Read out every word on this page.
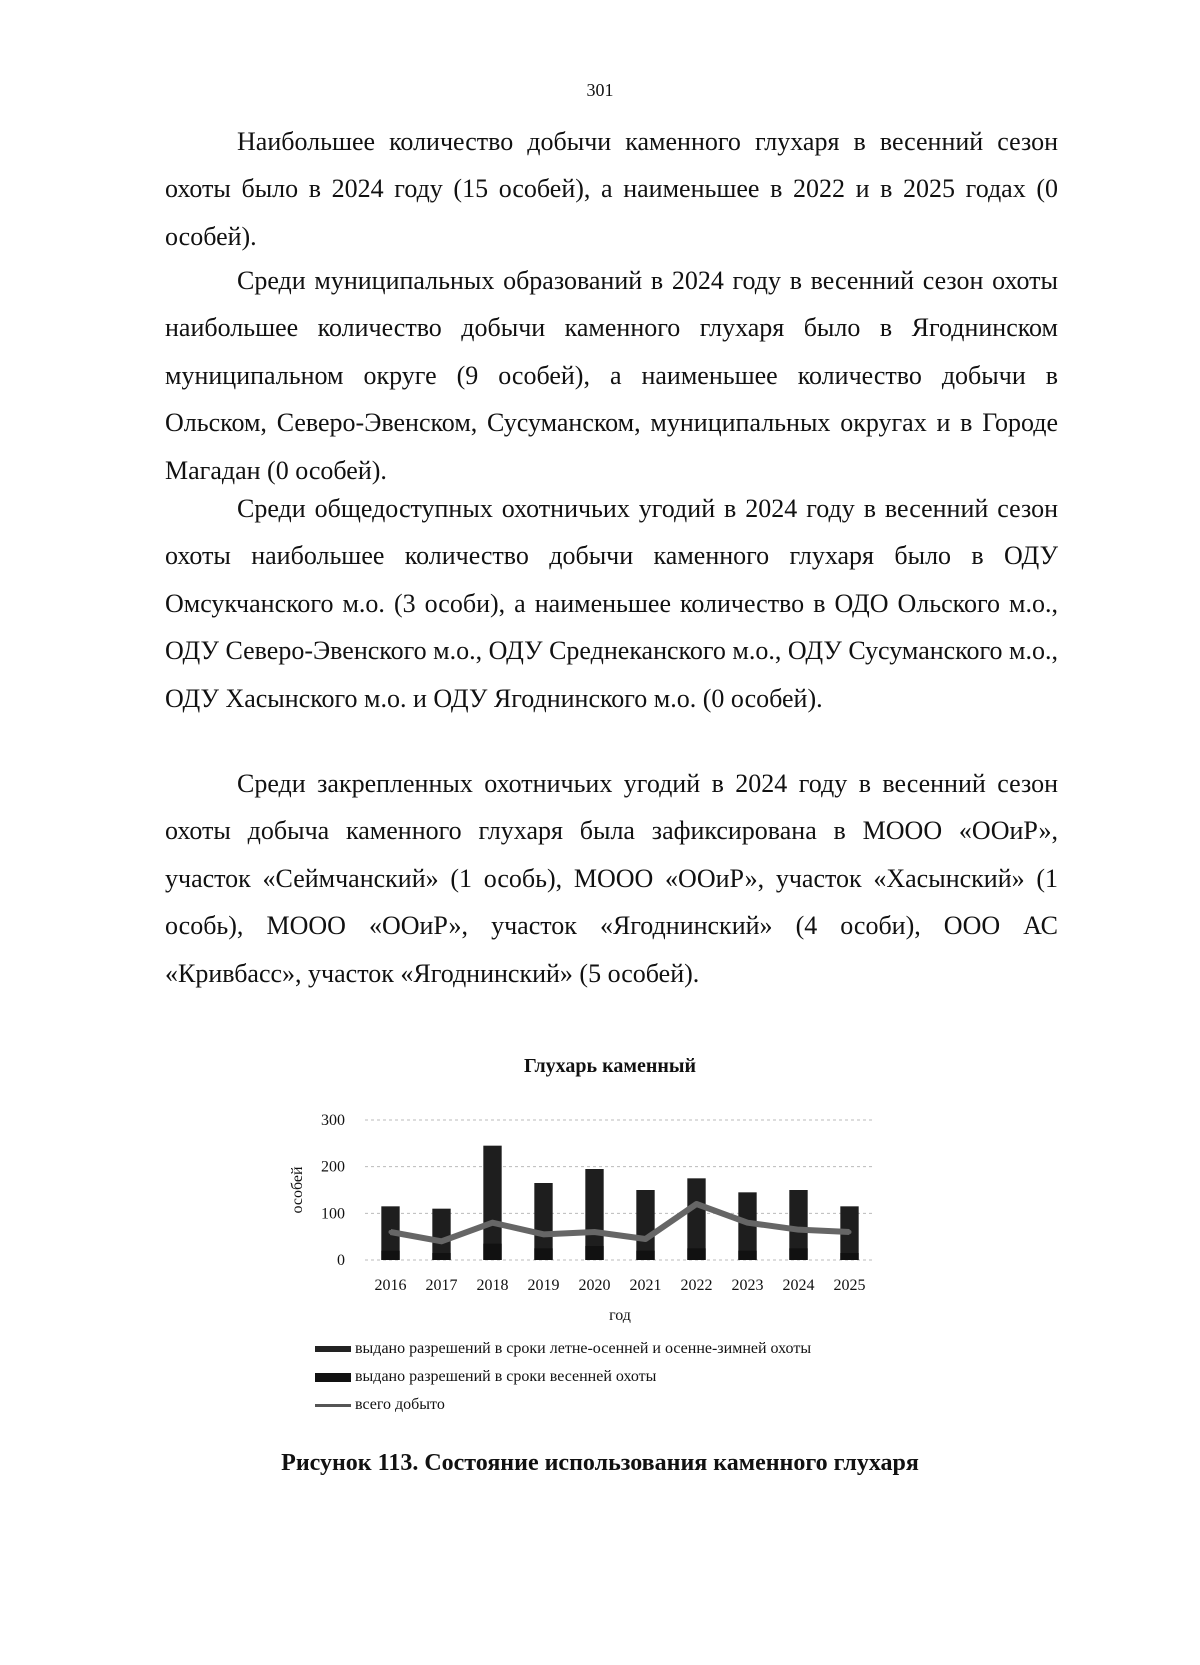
301

Наибольшее количество добычи каменного глухаря в весенний сезон охоты было в 2024 году (15 особей), а наименьшее в 2022 и в 2025 годах (0 особей).

Среди муниципальных образований в 2024 году в весенний сезон охоты наибольшее количество добычи каменного глухаря было в Ягоднинском муниципальном округе (9 особей), а наименьшее количество добычи в Ольском, Северо-Эвенском, Сусуманском, муниципальных округах и в Городе Магадан (0 особей).

Среди общедоступных охотничьих угодий в 2024 году в весенний сезон охоты наибольшее количество добычи каменного глухаря было в ОДУ Омсукчанского м.о. (3 особи), а наименьшее количество в ОДО Ольского м.о., ОДУ Северо-Эвенского м.о., ОДУ Среднеканского м.о., ОДУ Сусуманского м.о., ОДУ Хасынского м.о. и ОДУ Ягоднинского м.о. (0 особей).

Среди закрепленных охотничьих угодий в 2024 году в весенний сезон охоты добыча каменного глухаря была зафиксирована в МООО «ООиР», участок «Сеймчанский» (1 особь), МООО «ООиР», участок «Хасынский» (1 особь), МООО «ООиР», участок «Ягоднинский» (4 особи), ООО АС «Кривбасс», участок «Ягоднинский» (5 особей).

0
100
200
300
особей
2016 2017 2018 2019 2020 2021 2022 2023 2024 2025
год
Глухарь каменный
выдано разрешений в сроки летне-осенней и осенне-зимней охоты
выдано разрешений в сроки весенней охоты
всего добыто
Рисунок 113. Состояние использования каменного глухаря
